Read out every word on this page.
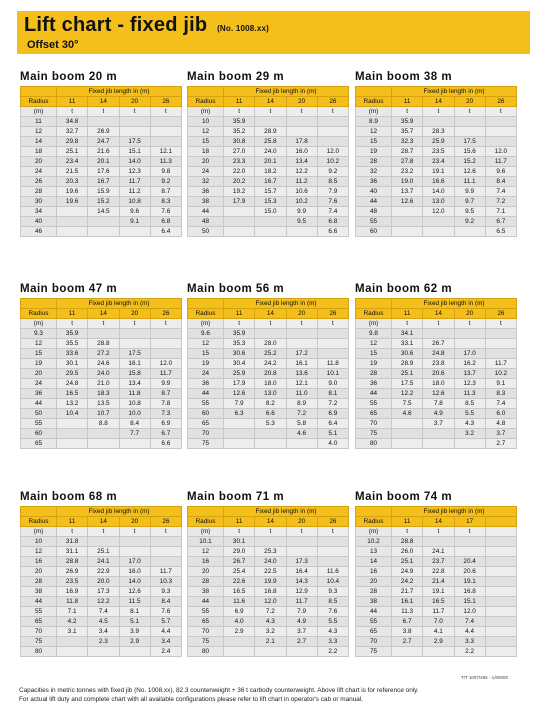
Lift chart - fixed jib (No. 1008.xx)
Offset 30°
Main boom 20 m
	Fixed jib length in (m)			
Radius	11	14	20	26
(m)	t	t	t	t
11	34.8			
12	32.7	26.9		
14	29.8	24.7	17.5	
18	25.1	21.6	15.1	12.1
20	23.4	20.1	14.0	11.3
24	21.5	17.6	12.3	9.8
26	20.3	16.7	11.7	9.2
28	19.6	15.9	11.2	8.7
30	19.6	15.2	10.8	8.3
34		14.5	9.6	7.6
40			9.1	6.8
46				6.4
Main boom 29 m
	Fixed jib length in (m)			
Radius	11	14	20	26
(m)	t	t	t	t
10	35.9			
12	35.2	28.9		
15	30.8	25.8	17.8	
18	27.0	24.0	16.0	12.0
20	23.3	20.1	13.4	10.2
24	22.0	18.2	12.2	9.2
32	20.2	16.7	11.2	8.5
36	19.2	15.7	10.6	7.9
38	17.9	15.3	10.2	7.6
44		15.0	9.9	7.4
48			9.5	6.8
50				6.6
Main boom 38 m
	Fixed jib length in (m)			
Radius	11	14	20	26
(m)	t	t	t	t
8.9	35.9			
12	35.7	28.3		
15	32.3	25.9	17.5	
19	28.7	23.5	15.6	12.0
28	27.8	23.4	15.2	11.7
32	23.2	19.1	12.6	9.6
36	19.0	16.6	11.1	8.4
40	13.7	14.0	9.9	7.4
44	12.6	13.0	9.7	7.2
48		12.0	9.5	7.1
55			9.2	6.7
60				6.5
Main boom 47 m
	Fixed jib length in (m)			
Radius	11	14	20	26
(m)	t	t	t	t
9.3	35.9			
12	35.5	28.8		
15	33.6	27.2	17.5	
19	30.1	24.6	16.1	12.0
20	29.5	24.0	15.8	11.7
24	24.8	21.0	13.4	9.9
36	16.5	18.3	11.8	8.7
44	13.2	13.5	10.8	7.8
50	10.4	10.7	10.0	7.3
55		8.8	8.4	6.9
60			7.7	6.7
65				6.6
Main boom 56 m
	Fixed jib length in (m)			
Radius	11	14	20	26
(m)	t	t	t	t
9.6	35.9			
12	35.3	28.0		
15	30.6	25.2	17.2	
19	30.4	24.2	16.1	11.8
24	25.9	20.8	13.6	10.1
36	17.9	18.0	12.1	9.0
44	12.6	13.0	11.0	8.1
55	7.9	8.2	8.9	7.2
60	6.3	6.6	7.2	6.9
65		5.3	5.8	6.4
70			4.6	5.1
75				4.0
Main boom 62 m
	Fixed jib length in (m)			
Radius	11	14	20	26
(m)	t	t	t	t
9.8	34.1			
12	33.1	26.7		
15	30.6	24.8	17.0	
19	28.9	23.8	16.2	11.7
28	25.1	20.6	13.7	10.2
36	17.5	18.0	12.3	9.1
44	12.2	12.6	11.3	8.3
55	7.5	7.8	8.5	7.4
65	4.6	4.9	5.5	6.0
70		3.7	4.3	4.8
75			3.2	3.7
80				2.7
Main boom 68 m
	Fixed jib length in (m)			
Radius	11	14	20	26
(m)	t	t	t	t
10	31.8			
12	31.1	25.1		
16	28.8	24.1	17.0	
20	26.9	22.9	16.0	11.7
28	23.5	20.0	14.0	10.3
38	16.9	17.3	12.6	9.3
44	11.8	12.2	11.5	8.4
55	7.1	7.4	8.1	7.6
65	4.2	4.5	5.1	5.7
70	3.1	3.4	3.9	4.4
75		2.3	2.9	3.4
80				2.4
Main boom 71 m
	Fixed jib length in (m)			
Radius	11	14	20	26
(m)	t	t	t	t
10.1	30.1			
12	29.0	25.3		
16	26.7	24.0	17.3	
20	25.4	22.5	16.4	11.6
28	22.6	19.9	14.3	10.4
38	16.5	16.8	12.9	9.3
44	11.6	12.0	11.7	8.5
55	6.9	7.2	7.9	7.6
65	4.0	4.3	4.9	5.5
70	2.9	3.2	3.7	4.3
75		2.1	2.7	3.3
80				2.2
Main boom 74 m
	Fixed jib length in (m)			
Radius	11	14	17	
(m)	t	t	t	
10.2	28.8			
13	26.0	24.1		
14	25.1	23.7	20.4	
16	24.9	22.8	20.6	
20	24.2	21.4	19.1	
28	21.7	19.1	16.8	
38	16.1	16.5	15.1	
44	11.3	11.7	12.0	
55	6.7	7.0	7.4	
65	3.8	4.1	4.4	
70	2.7	2.9	3.3	
75			2.2	
T/T 1007/485 - 1/00000
Capacities in metric tonnes with fixed jib (No. 1008.xx), 82.3 counterweight + 36 t carbody counterweight. Above lift chart is for reference only.
For actual lift duty and complete chart with all available configurations please refer to lift chart in operator's cab or manual.
